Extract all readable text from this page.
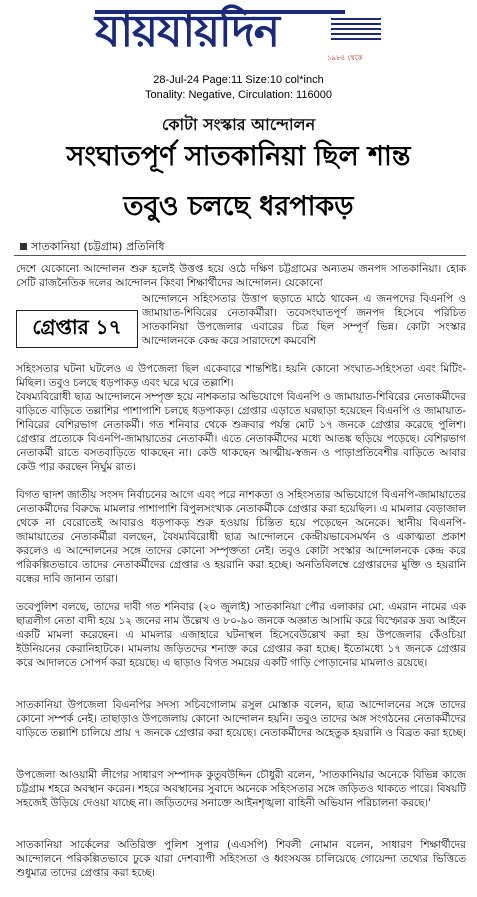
যায়যায়দিন
১৯৮৪ থেকে
28-Jul-24 Page:11 Size:10 col*inch
Tonality: Negative, Circulation: 116000
কোটা সংস্কার আন্দোলন
সংঘাতপূর্ণ সাতকানিয়া ছিল শান্ত
তবুও চলছে ধরপাকড়
সাতকানিয়া (চট্টগ্রাম) প্রতিনিধি
দেশে যেকোনো আন্দোলন শুরু হলেই উত্তপ্ত হয়ে ওঠে দক্ষিণ চট্টগ্রামের অন্যতম জনপদ সাতকানিয়া। হোক সেটি রাজনৈতিক দলের আন্দোলন কিংবা শিক্ষার্থীদের আন্দোলন। যেকোনো
গ্রেপ্তার ১৭
আন্দোলনে সহিংসতার উত্তাপ ছড়াতে মাঠে থাকেন এ জনপদের বিএনপি ও জামায়াত-শিবিরের নেতাকর্মীরা। তবেসংঘাতপূর্ণ জনপদ হিসেবে পরিচিত সাতকানিয়া উপজেলার এবারের চিত্র ছিল সম্পূর্ণ ভিন্ন। কোটা সংস্কার আন্দোলনকে কেন্দ্র করে সারাদেশে কমবেশি
সহিংসতার ঘটনা ঘটলেও এ উপজেলা ছিল একেবারে শান্তশিষ্ট। হয়নি কোনো সংঘাত-সহিংসতা এবং মিটিং-মিছিল। তবুও চলছে ধড়পাকড় এবং ঘরে ঘরে তল্লাশি।
বৈষম্যবিরোধী ছাত্র আন্দোলনে সম্পৃক্ত হয়ে নাশকতার অভিযোগে বিএনপি ও জামায়াত-শিবিরের নেতাকর্মীদের বাড়িতে বাড়িতে তল্লাশির পাশাপাশি চলছে ধড়পাকড়। গ্রেপ্তার এড়াতে ঘরছাড়া হয়েছেন বিএনপি ও জামায়াত-শিবিরের বেশিরভাগ নেতাকর্মী। গত শনিবার থেকে শুক্রবার পর্যন্ত মোট ১৭ জনকে গ্রেপ্তার করেছে পুলিশ। গ্রেপ্তার প্রত্যেকে বিএনপি-জামায়াতের নেতাকর্মী। এতে নেতাকর্মীদের মধ্যে আতঙ্ক ছড়িয়ে পড়েছে। বেশিরভাগ নেতাকর্মী রাতে বসতবাড়িতে থাকছেন না। কেউ থাকছেন আত্মীয়-স্বজন ও পাড়াপ্রতিবেশীর বাড়িতে আবার কেউ পার করছেন নির্ঘুম রাত।
বিগত দ্বাদশ জাতীয় সংসদ নির্বাচনের আগে এবং পরে নাশকতা ও সহিংসতার অভিযোগে বিএনপি-জামায়াতের নেতাকর্মীদের বিরুদ্ধে মামলার পাশাপাশি বিপুলসংখ্যক নেতাকর্মীকে গ্রেপ্তার করা হয়েছিল। এ মামলার বেড়াজাল থেকে না বেরোতেই আবারও ধড়পাকড় শুরু হওয়ায় চিন্তিত হয়ে পড়েছেন অনেকে। স্থানীয় বিএনপি-জামায়াতের নেতাকর্মীরা বলছেন, বৈষম্যবিরোধী ছাত্র আন্দোলনে কেন্দ্রীয়ভাবেসমর্থন ও একাত্মতা প্রকাশ করলেও এ আন্দোলনের সঙ্গে তাদের কোনো সম্পৃক্ততা নেই। তবুও কোটা সংস্কার আন্দোলনকে কেন্দ্র করে পরিকল্পিতভাবে তাদের নেতাকর্মীদের গ্রেপ্তার ও হয়রানি করা হচ্ছে। অনতিবিলম্বে গ্রেপ্তারদের মুক্তি ও হয়রানি বন্ধের দাবি জানান তারা।
তবেপুলিশ বলছে, তাদের দাবী গত শনিবার (২০ জুলাই) সাতকানিয়া পৌর এলাকার মো. এমরান নামের এক ছাত্রলীগ নেতা বাদী হয়ে ১২ জনের নাম উল্লেখ ও ৮০-৯০ জনকে অজ্ঞাত আসামি করে বিস্ফোরক দ্রব্য আইনে একটি মামলা করেছেন। এ মামলার এজাহারে ঘটনাস্থল হিসেবেউল্লেখ করা হয় উপজেলার কেঁওচিয়া ইউনিয়নের কেরানিহাটকে। মামলায় জড়িতদের শনাক্ত করে গ্রেপ্তার করা হচ্ছে। ইতোমধ্যে ১৭ জনকে গ্রেপ্তার করে আদালতে সোপর্দ করা হয়েছে। এ ছাড়াও বিগত সময়ের একটি গাড়ি পোড়ানোর মামলাও রয়েছে।
সাতকানিয়া উপজেলা বিএনপির সদস্য সচিবগোলাম রসুল মোস্তাক বলেন, ছাত্র আন্দোলনের সঙ্গে তাদের কোনো সম্পর্ক নেই। তাছাড়াও উপজেলায় কোনো আন্দোলন হয়নি। তবুও তাদের অঙ্গ সংগঠনের নেতাকর্মীদের বাড়িতে তল্লাশি চালিয়ে প্রায় ৭ জনকে গ্রেপ্তার করা হয়েছে। নেতাকর্মীদের অহেতুক হয়রানি ও বিব্রত করা হচ্ছে।
উপজেলা আওয়ামী লীগের সাধারণ সম্পাদক কুতুবউদ্দিন চৌধুরী বলেন, 'সাতকানিয়ার অনেকে বিভিন্ন কাজে চট্টগ্রাম শহরে অবস্থান করেন। শহরে অবস্থানের সুবাদে অনেকে সহিংসতার সঙ্গে জড়িতও থাকতে পারে। বিষয়টি সহজেই উড়িয়ে দেওয়া যাচ্ছে না। জড়িতদের সনাক্তে আইনশৃঙ্খলা বাহিনী অভিযান পরিচালনা করছে।'
সাতকানিয়া সার্কেলের অতিরিক্ত পুলিশ সুপার (এএসপি) শিবলী নোমান বলেন, সাধারণ শিক্ষার্থীদের আন্দোলনে পরিকল্পিতভাবে ঢুকে যারা দেশব্যাপী সহিংসতা ও ধ্বংসযজ্ঞ চালিয়েছে গোয়েন্দা তথ্যের ভিত্তিতে শুধুমাত্র তাদের গ্রেপ্তার করা হচ্ছে।
